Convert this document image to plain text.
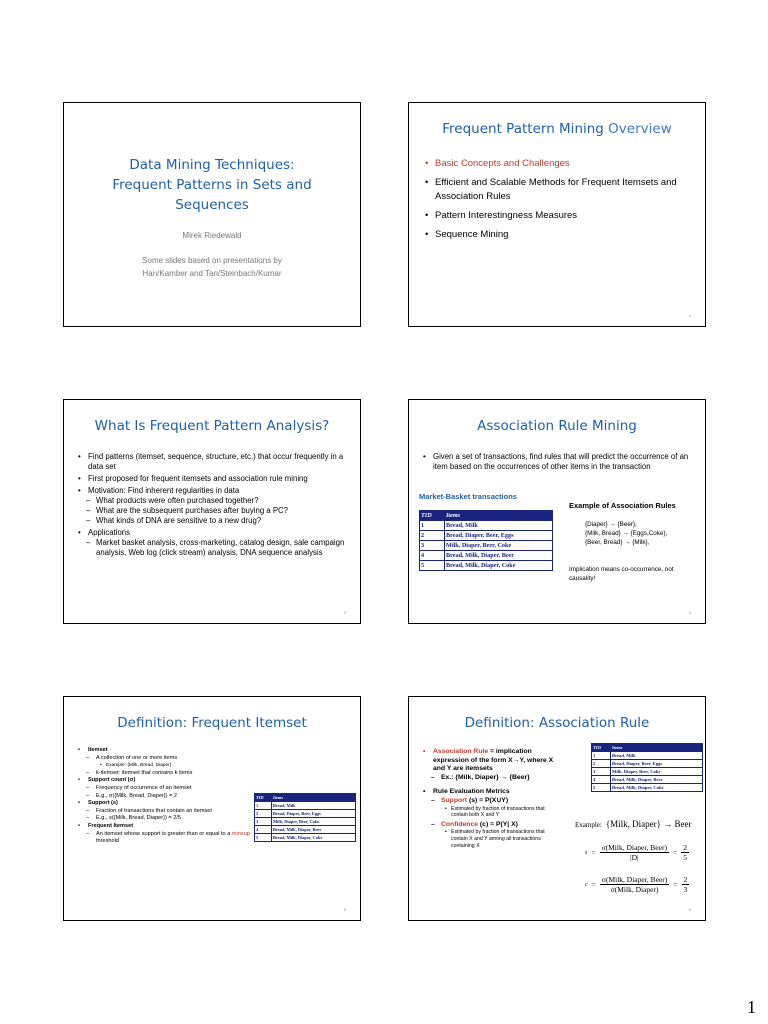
Data Mining Techniques: Frequent Patterns in Sets and Sequences
Mirek Riedewald
Some slides based on presentations by
Han/Kamber and Tan/Steinbach/Kumar
Frequent Pattern Mining Overview
• Basic Concepts and Challenges
• Efficient and Scalable Methods for Frequent Itemsets and Association Rules
• Pattern Interestingness Measures
• Sequence Mining
2
What Is Frequent Pattern Analysis?
• Find patterns (itemset, sequence, structure, etc.) that occur frequently in a data set
• First proposed for frequent itemsets and association rule mining
• Motivation: Find inherent regularities in data
– What products were often purchased together?
– What are the subsequent purchases after buying a PC?
– What kinds of DNA are sensitive to a new drug?
• Applications
– Market basket analysis, cross-marketing, catalog design, sale campaign analysis, Web log (click stream) analysis, DNA sequence analysis
3
Association Rule Mining
• Given a set of transactions, find rules that will predict the occurrence of an item based on the occurrences of other items in the transaction
Market-Basket transactions
TID	Items
1	Bread, Milk
2	Bread, Diaper, Beer, Eggs
3	Milk, Diaper, Beer, Coke
4	Bread, Milk, Diaper, Beer
5	Bread, Milk, Diaper, Coke
Example of Association Rules
{Diaper} → {Beer},
{Milk, Bread} → {Eggs,Coke},
{Beer, Bread} → {Milk},
Implication means co-occurrence, not causality!
4
Definition: Frequent Itemset
• Itemset
– A collection of one or more items
• Example: {Milk, Bread, Diaper}
– k-itemset: itemset that contains k items
• Support count (σ)
– Frequency of occurrence of an itemset
– E.g., σ({Milk, Bread, Diaper}) = 2
• Support (s)
– Fraction of transactions that contain an itemset
– E.g., s({Milk, Bread, Diaper}) = 2/5
• Frequent Itemset
– An itemset whose support is greater than or equal to a minsup threshold
TID	Items
1	Bread, Milk
2	Bread, Diaper, Beer, Eggs
3	Milk, Diaper, Beer, Coke
4	Bread, Milk, Diaper, Beer
5	Bread, Milk, Diaper, Coke
5
Definition: Association Rule
• Association Rule = implication expression of the form X→Y, where X and Y are itemsets
– Ex.: {Milk, Diaper} → {Beer}
• Rule Evaluation Metrics
– Support (s) = P(X∪Y)
• Estimated by fraction of transactions that contain both X and Y
– Confidence (c) = P(Y| X)
• Estimated by fraction of transactions that contain X and Y among all transactions containing X
TID	Items
1	Bread, Milk
2	Bread, Diaper, Beer, Eggs
3	Milk, Diaper, Beer, Coke
4	Bread, Milk, Diaper, Beer
5	Bread, Milk, Diaper, Coke
Example: {Milk, Diaper} → Beer
s =
σ(Milk, Diaper, Beer)
|D|
= $\frac{2}{5}$
c =
σ(Milk, Diaper, Beer)
σ(Milk, Diaper)
= $\frac{2}{3}$
6
1
